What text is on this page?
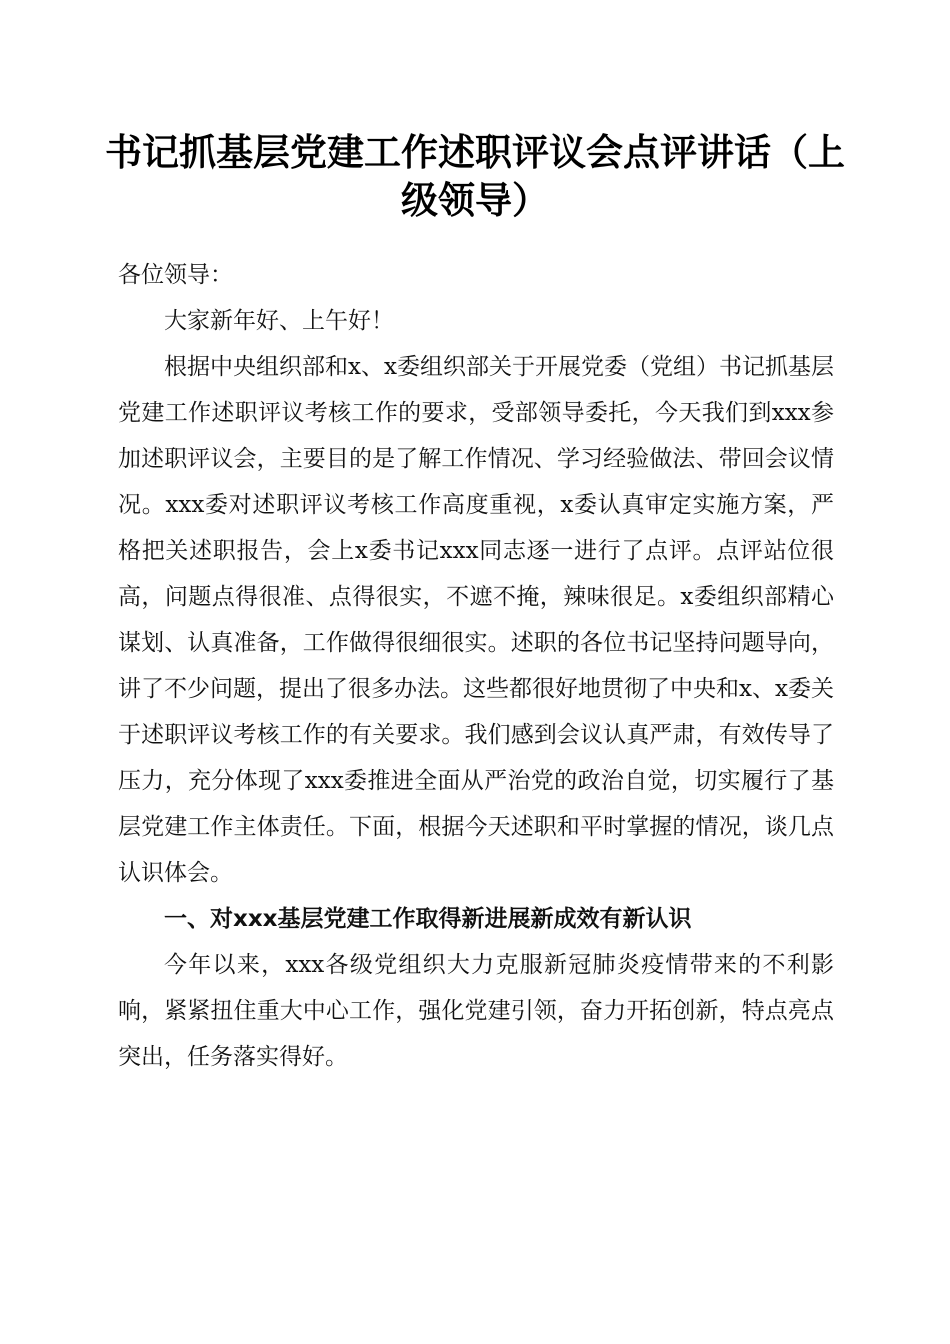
书记抓基层党建工作述职评议会点评讲话（上级领导）

各位领导：

大家新年好、上午好！

根据中央组织部和x、x委组织部关于开展党委（党组）书记抓基层党建工作述职评议考核工作的要求，受部领导委托，今天我们到xxx参加述职评议会，主要目的是了解工作情况、学习经验做法、带回会议情况。xxx委对述职评议考核工作高度重视，x委认真审定实施方案，严格把关述职报告，会上x委书记xxx同志逐一进行了点评。点评站位很高，问题点得很准、点得很实，不遮不掩，辣味很足。x委组织部精心谋划、认真准备，工作做得很细很实。述职的各位书记坚持问题导向，讲了不少问题，提出了很多办法。这些都很好地贯彻了中央和x、x委关于述职评议考核工作的有关要求。我们感到会议认真严肃，有效传导了压力，充分体现了xxx委推进全面从严治党的政治自觉，切实履行了基层党建工作主体责任。下面，根据今天述职和平时掌握的情况，谈几点认识体会。

一、对xxx基层党建工作取得新进展新成效有新认识

今年以来，xxx各级党组织大力克服新冠肺炎疫情带来的不利影响，紧紧扭住重大中心工作，强化党建引领，奋力开拓创新，特点亮点突出，任务落实得好。
